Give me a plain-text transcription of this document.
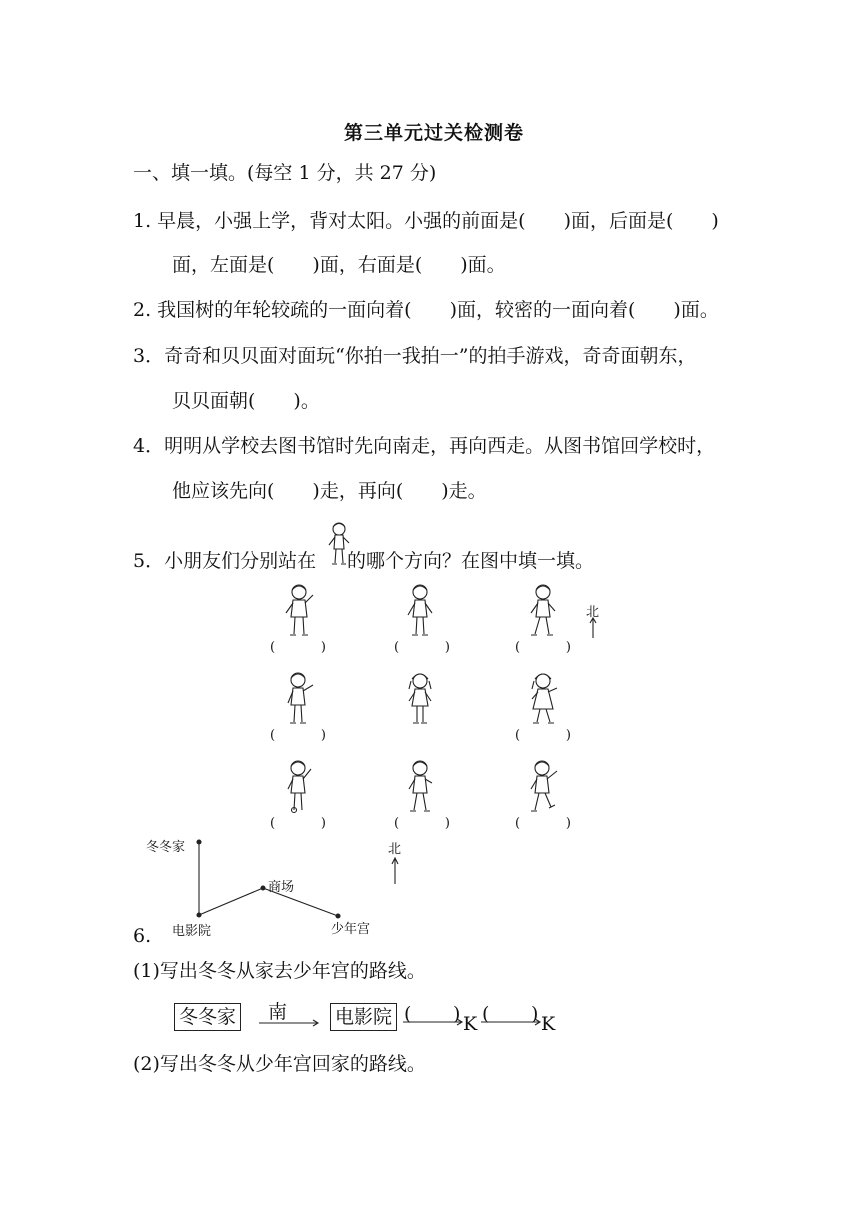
第三单元过关检测卷
一、填一填。(每空 1 分，共 27 分)
1. 早晨，小强上学，背对太阳。小强的前面是(　　)面，后面是(　　)
面，左面是(　　)面，右面是(　　)面。
2. 我国树的年轮较疏的一面向着(　　)面，较密的一面向着(　　)面。
3．奇奇和贝贝面对面玩“你拍一我拍一”的拍手游戏，奇奇面朝东，
贝贝面朝(　　)。
4．明明从学校去图书馆时先向南走，再向西走。从图书馆回学校时，
他应该先向(　　)走，再向(　　)走。
5．小朋友们分别站在 的哪个方向？在图中填一填。
(	)	(	)	(	)
(	)	(	)
(	)	(	)	(	)
北
冬冬家
商场
电影院	少年宫
北
6.
(1)写出冬冬从家去少年宫的路线。
冬冬家 南	电影院 ( ) K ( ) K
(2)写出冬冬从少年宫回家的路线。
